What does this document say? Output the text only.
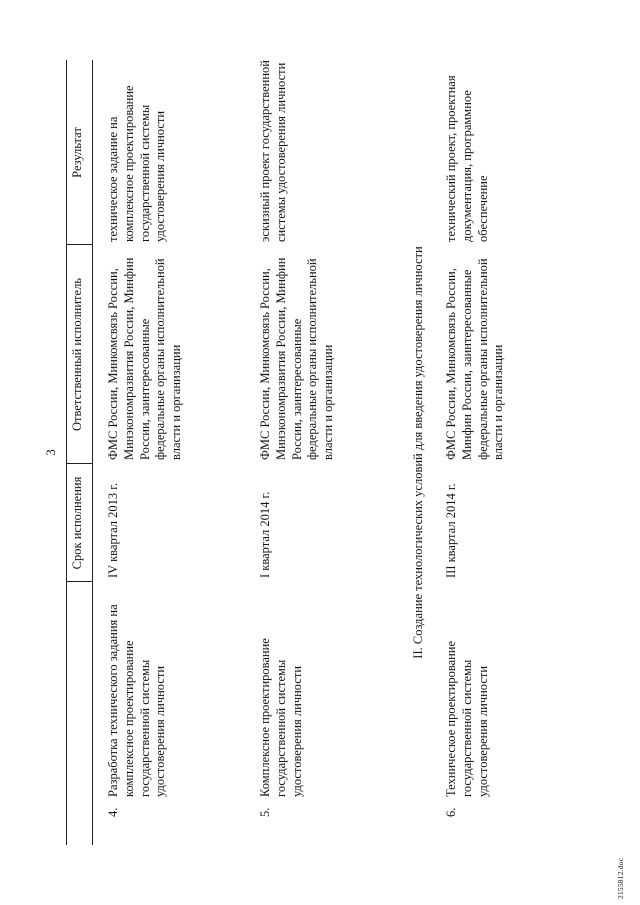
3
Срок исполнения
Ответственный исполнитель
Результат
4.
Разработка технического задания на комплексное проектирование государственной системы удостоверения личности
IV квартал 2013 г.
ФМС России, Минкомсвязь России, Минэкономразвития России, Минфин России, заинтересованные федеральные органы исполнительной власти и организации
техническое задание на комплексное проектирование государственной системы удостоверения личности
5.
Комплексное проектирование государственной системы удостоверения личности
I квартал 2014 г.
ФМС России, Минкомсвязь России, Минэкономразвития России, Минфин России, заинтересованные федеральные органы исполнительной власти и организации
эскизный проект государственной системы удостоверения личности
II. Создание технологических условий для введения удостоверения личности
6.
Техническое проектирование государственной системы удостоверения личности
III квартал 2014 г.
ФМС России, Минкомсвязь России, Минфин России, заинтересованные федеральные органы исполнительной власти и организации
технический проект, проектная документация, программное обеспечение
2155812.doc
